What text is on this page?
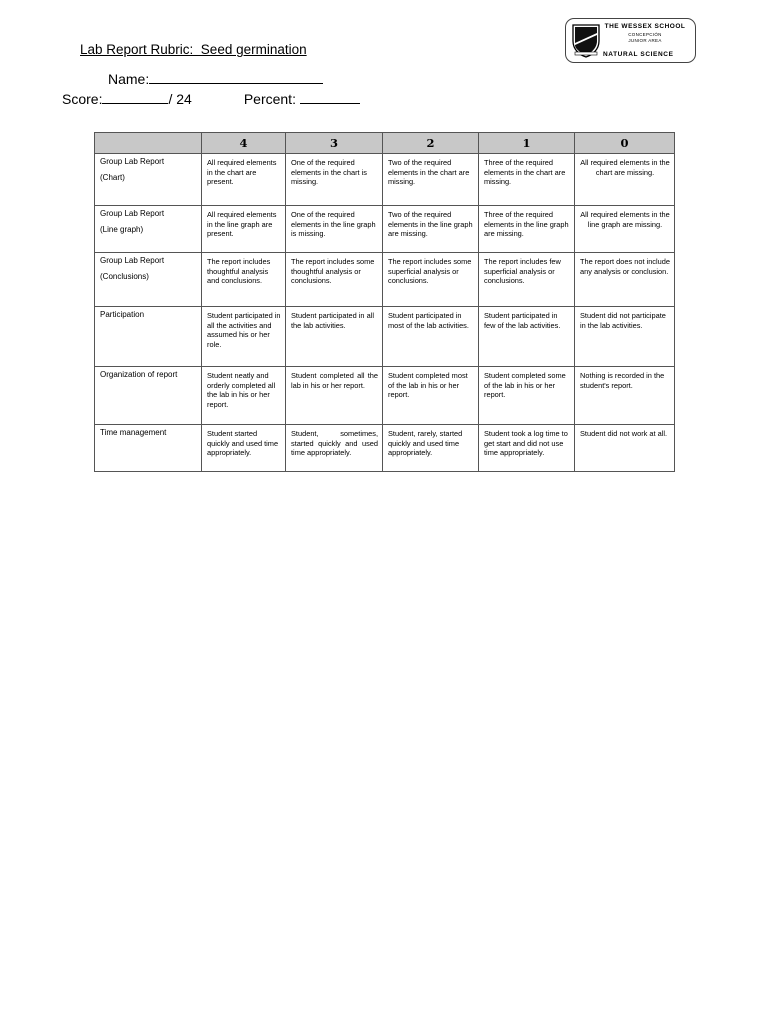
Lab Report Rubric:  Seed germination
Name:
Score:	/ 24	Percent:
THE WESSEX SCHOOL
CONCEPCIÓN
JUNIOR AREA
NATURAL SCIENCE
	4	3	2	1	0

Group Lab Report
(Chart)	All required elements in the chart are present.	One of the required elements in the chart is missing.	Two of the required elements in the chart are missing.	Three of the required elements in the chart are missing.	All required elements in the chart are missing.

Group Lab Report
(Line graph)	All required elements in the line graph are present.	One of the required elements in the line graph is missing.	Two of the required elements in the line graph are missing.	Three of the required elements in the line graph are missing.	All required elements in the line graph are missing.

Group Lab Report
(Conclusions)	The report includes thoughtful analysis and conclusions.	The report includes some thoughtful analysis or conclusions.	The report includes some superficial analysis or conclusions.	The report includes few superficial analysis or conclusions.	The report does not include any analysis or conclusion.

Participation	Student participated in all the activities and assumed his or her role.	Student participated in all the lab activities.	Student participated in most of the lab activities.	Student participated in few of the lab activities.	Student did not participate in the lab activities.

Organization of report	Student neatly and orderly completed all the lab in his or her report.	Student completed all the lab in his or her report.	Student completed most of the lab in his or her report.	Student completed some of the lab in his or her report.	Nothing is recorded in the student's report.

Time management	Student started quickly and used time appropriately.	Student, sometimes, started quickly and used time appropriately.	Student, rarely, started quickly and used time appropriately.	Student took a log time to get start and did not use time appropriately.	Student did not work at all.
